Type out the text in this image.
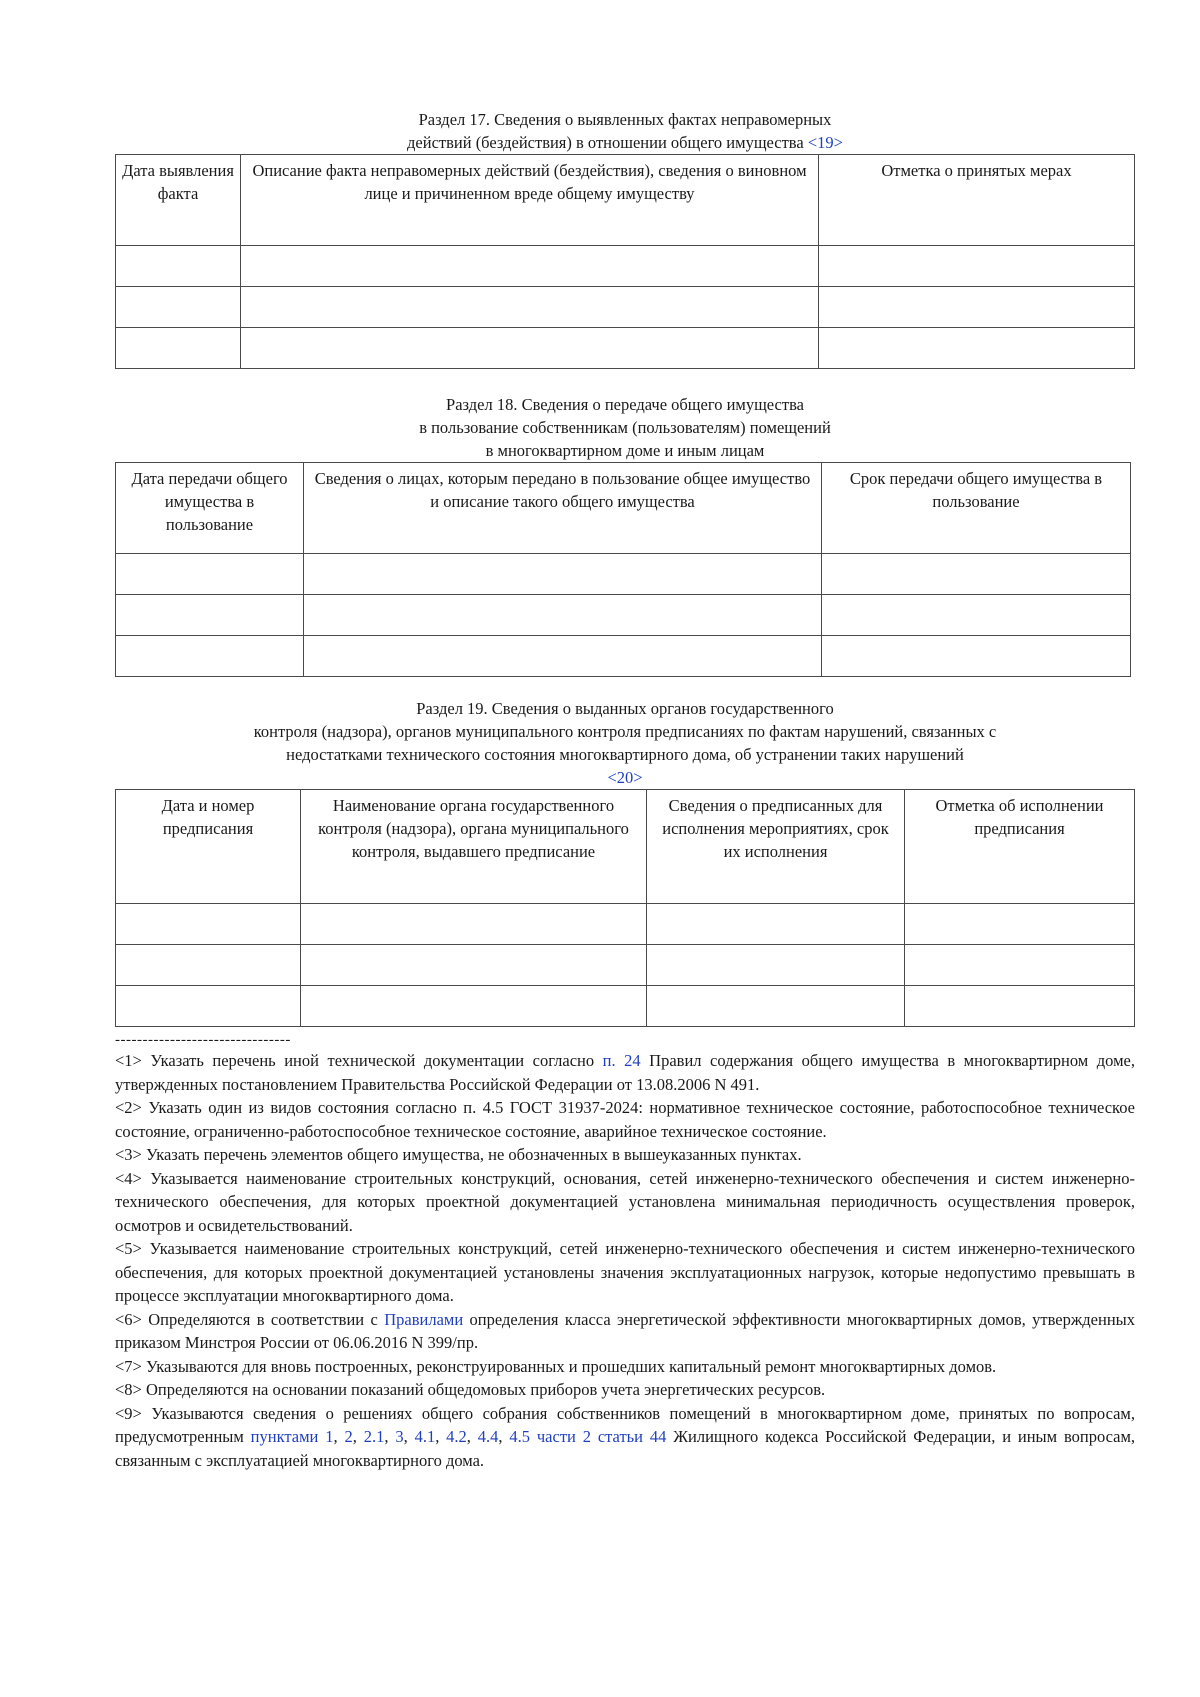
Раздел 17. Сведения о выявленных фактах неправомерных
действий (бездействия) в отношении общего имущества <19>
Дата выявления факта	Описание факта неправомерных действий (бездействия), сведения о виновном лице и причиненном вреде общему имуществу	Отметка о принятых мерах

Раздел 18. Сведения о передаче общего имущества
в пользование собственникам (пользователям) помещений
в многоквартирном доме и иным лицам
Дата передачи общего имущества в пользование	Сведения о лицах, которым передано в пользование общее имущество и описание такого общего имущества	Срок передачи общего имущества в пользование

Раздел 19. Сведения о выданных органов государственного
контроля (надзора), органов муниципального контроля предписаниях по фактам нарушений, связанных с
недостатками технического состояния многоквартирного дома, об устранении таких нарушений
<20>
Дата и номер предписания	Наименование органа государственного контроля (надзора), органа муниципального контроля, выдавшего предписание	Сведения о предписанных для исполнения мероприятиях, срок их исполнения	Отметка об исполнении предписания

--------------------------------

<1> Указать перечень иной технической документации согласно п. 24 Правил содержания общего имущества в многоквартирном доме, утвержденных постановлением Правительства Российской Федерации от 13.08.2006 N 491.

<2> Указать один из видов состояния согласно п. 4.5 ГОСТ 31937-2024: нормативное техническое состояние, работоспособное техническое состояние, ограниченно-работоспособное техническое состояние, аварийное техническое состояние.

<3> Указать перечень элементов общего имущества, не обозначенных в вышеуказанных пунктах.

<4> Указывается наименование строительных конструкций, основания, сетей инженерно-технического обеспечения и систем инженерно-технического обеспечения, для которых проектной документацией установлена минимальная периодичность осуществления проверок, осмотров и освидетельствований.

<5> Указывается наименование строительных конструкций, сетей инженерно-технического обеспечения и систем инженерно-технического обеспечения, для которых проектной документацией установлены значения эксплуатационных нагрузок, которые недопустимо превышать в процессе эксплуатации многоквартирного дома.

<6> Определяются в соответствии с Правилами определения класса энергетической эффективности многоквартирных домов, утвержденных приказом Минстроя России от 06.06.2016 N 399/пр.

<7> Указываются для вновь построенных, реконструированных и прошедших капитальный ремонт многоквартирных домов.

<8> Определяются на основании показаний общедомовых приборов учета энергетических ресурсов.

<9> Указываются сведения о решениях общего собрания собственников помещений в многоквартирном доме, принятых по вопросам, предусмотренным пунктами 1, 2, 2.1, 3, 4.1, 4.2, 4.4, 4.5 части 2 статьи 44 Жилищного кодекса Российской Федерации, и иным вопросам, связанным с эксплуатацией многоквартирного дома.
